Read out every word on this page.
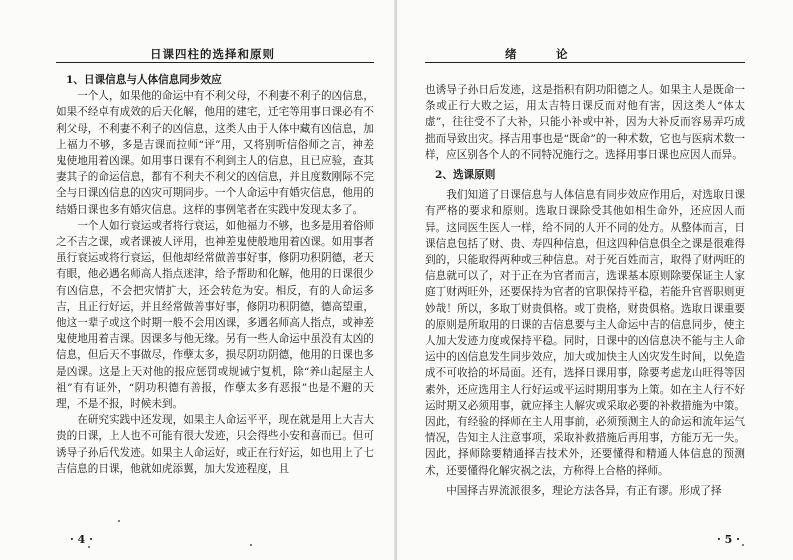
日课四柱的选择和原则

1、日课信息与人体信息同步效应

一个人，如果他的命运中有不利父母，不利妻不利子的凶信息，如果不经卓有成效的后天化解，他用的建宅，迁宅等用事日课必有不利父母，不利妻不利子的凶信息，这类人由于人体中藏有凶信息，加上福力不够，多是吉课而拉师“评”用，又将别听信俗师之言，神差鬼使地用着凶课。如用事日课有不利到主人的信息，且已应验，查其妻其子的命运信息，都有不利夫不利父的凶信息，并且度数刚际不完全与日课凶信息的凶灾可期同步。一个人命运中有婚灾信息，他用的结婚日课也多有婚灾信息。这样的事例笔者在实践中发现太多了。

一个人如行衰运或者将行衰运，如他福力不够，也多是用着俗师之不吉之课，或者课被人评用，也神差鬼使般地用着凶课。如用事者虽行衰运或将行衰运，但他却经常做善事好事，修阴功积阴德，老天有眼，他必遇名师高人指点迷津，给予帮助和化解，他用的日课很少有凶信息，不会把灾情扩大，还会转危为安。相反，有的人命运多吉，且正行好运，并且经常做善事好事，修阴功积阴德，德高望重，他这一辈子或这个时期一般不会用凶课，多遇名师高人指点，或神差鬼使地用着吉课。因课多与他无缘。另有一些人命运中虽没有太凶的信息，但后天不事做尽，作孽太多，损尽阴功阴德，他用的日课也多是凶课。这是上天对他的报应惩罚或规诫宁复机，除“养山起屋主人祖”有有证外，“阴功积德有善报，作孽太多有恶报”也是不避的天理，不是不报，时候未到。

在研究实践中还发现，如果主人命运平平，现在就是用上大吉大贵的日课，上人也不可能有很大发迹，只会得些小安和喜而已。但可诱导子孙后代发迹。如果主人命运好，或正在行好运，如也用上了七吉信息的日课，他就如虎添翼，加大发迹程度，且

· 4 ·
绪　论

也诱导子孙日后发迹，这是指积有阴功阳德之人。如果主人是既命一条或正行大败之运，用太吉特日课反而对他有害，因这类人“体太虚”，往往受不了大补，只能小补或中补，因为大补反而容易弄巧成拙而导致出灾。择吉用事也是“既命”的一种术数，它也与医病术数一样，应区别各个人的不同特况施行之。选择用事日课也应因人而异。

2、选课原则

我们知道了日课信息与人体信息有同步效应作用后，对选取日课有严格的要求和原则。选取日课除受其他如相生命外，还应因人而异。这同医生医人一样，给不同的人开不同的处方。从整体而言，日课信息包括了财、贵、寿四种信息，但这四种信息俱全之课是很难得到的，只能取得两种或三种信息。对于死百姓而言，取得了财两旺的信息就可以了，对于正在为官者而言，选课基本原则除要保证主人家庭丁财两旺外，还要保持为官者的官职保持平稳，若能升官晋职则更妙哉！所以，多取丁财贵俱格。或丁贵格，财贵俱格。选取日课重要的原则是所取用的日课的吉信息要与主人命运中吉的信息同步，使主人加大发迹力度或保持平稳。同时，日课中的凶信息决不能与主人命运中的凶信息发生同步效应，加大或加快主人凶灾发生时间，以免造成不可收拾的坏局面。还有，选择日课用事，除要考虑龙山旺得等因素外，还应选用主人行好运或平运时期用事为上策。如在主人行不好运时期又必须用事，就应择主人解灾或采取必要的补救措施为中策。因此，有经验的择师在主人用事前，必须预测主人的命运和流年运气情况，告知主人注意事项，采取补救措施后再用事，方能万无一失。因此，择师除要精通择吉技术外，还要懂得和精通人体信息的预测术，还要懂得化解灾祸之法，方称得上合格的择师。

中国择吉界流派很多，理论方法各异，有正有谬。形成了择

· 5 ·
